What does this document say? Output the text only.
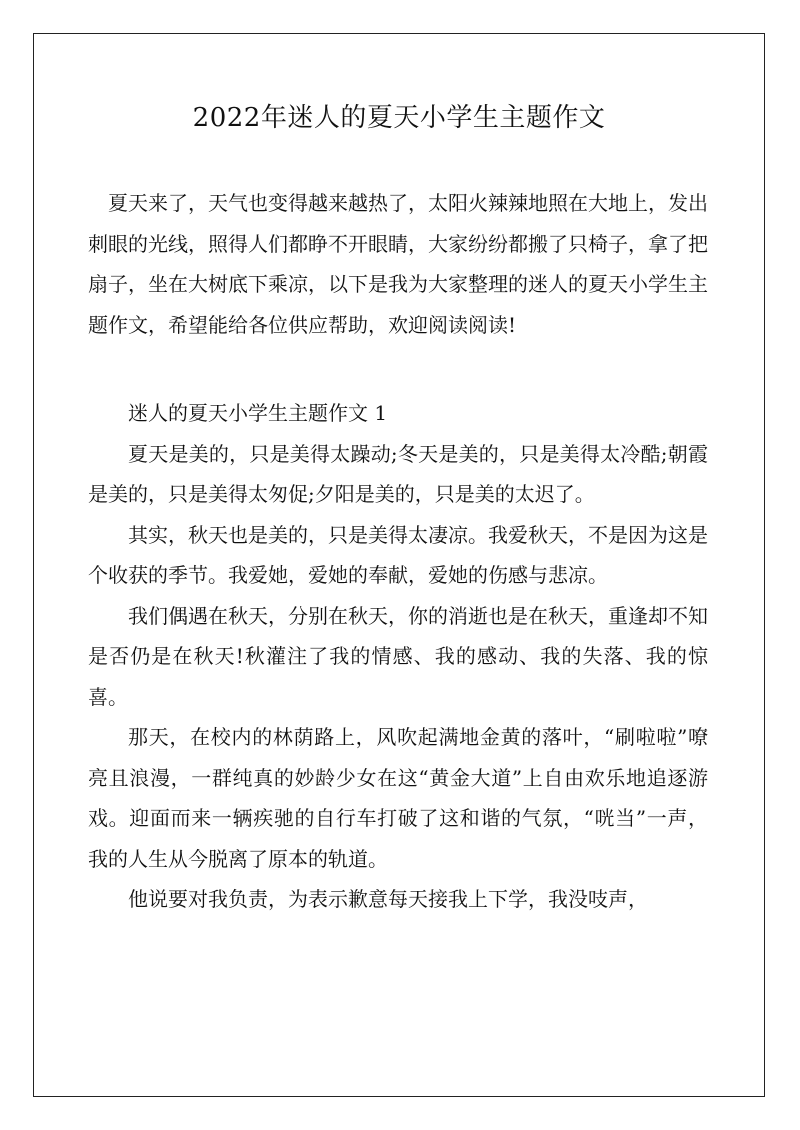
2022年迷人的夏天小学生主题作文

夏天来了，天气也变得越来越热了，太阳火辣辣地照在大地上，发出刺眼的光线，照得人们都睁不开眼睛，大家纷纷都搬了只椅子，拿了把扇子，坐在大树底下乘凉，以下是我为大家整理的迷人的夏天小学生主题作文，希望能给各位供应帮助，欢迎阅读阅读!

迷人的夏天小学生主题作文 1

夏天是美的，只是美得太躁动;冬天是美的，只是美得太冷酷;朝霞是美的，只是美得太匆促;夕阳是美的，只是美的太迟了。

其实，秋天也是美的，只是美得太凄凉。我爱秋天，不是因为这是个收获的季节。我爱她，爱她的奉献，爱她的伤感与悲凉。

我们偶遇在秋天，分别在秋天，你的消逝也是在秋天，重逢却不知是否仍是在秋天!秋灌注了我的情感、我的感动、我的失落、我的惊喜。

那天，在校内的林荫路上，风吹起满地金黄的落叶，“刷啦啦”嘹亮且浪漫，一群纯真的妙龄少女在这“黄金大道”上自由欢乐地追逐游戏。迎面而来一辆疾驰的自行车打破了这和谐的气氛，“咣当”一声，我的人生从今脱离了原本的轨道。

他说要对我负责，为表示歉意每天接我上下学，我没吱声，
